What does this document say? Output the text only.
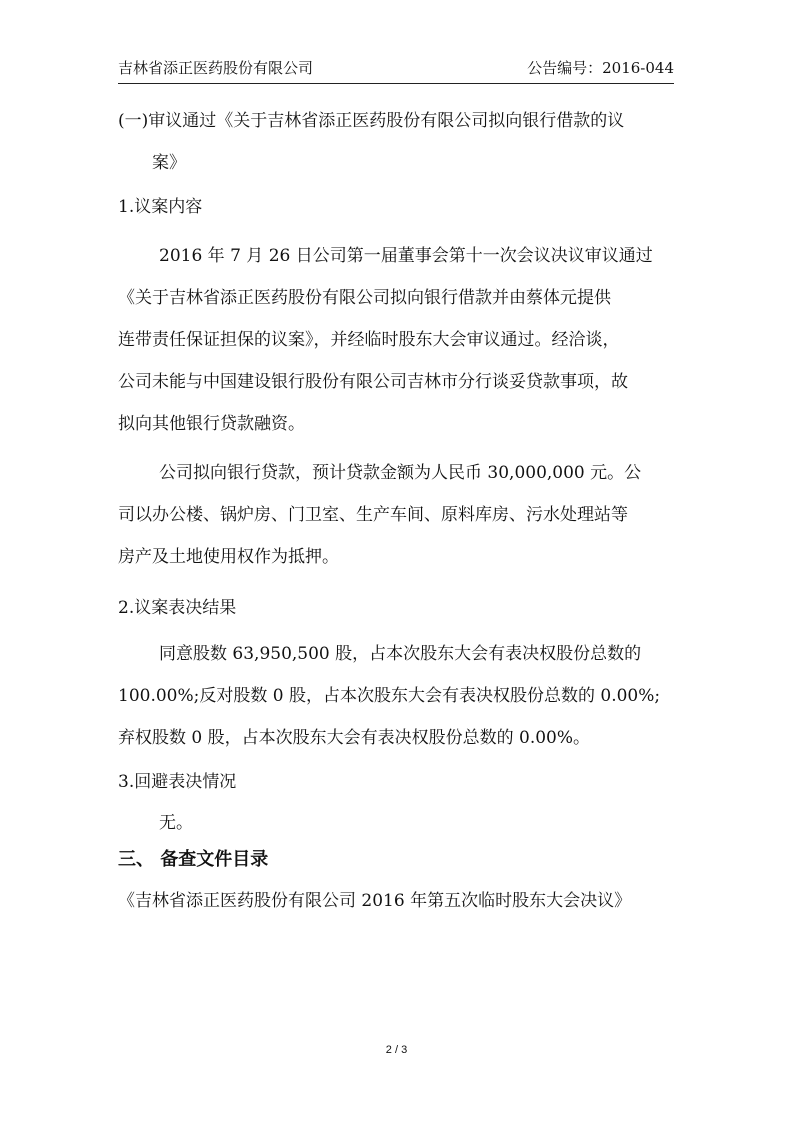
吉林省添正医药股份有限公司	公告编号：2016-044
(一)审议通过《关于吉林省添正医药股份有限公司拟向银行借款的议
案》
1.议案内容
2016 年 7 月 26 日公司第一届董事会第十一次会议决议审议通过
《关于吉林省添正医药股份有限公司拟向银行借款并由蔡体元提供
连带责任保证担保的议案》，并经临时股东大会审议通过。经洽谈，
公司未能与中国建设银行股份有限公司吉林市分行谈妥贷款事项，故
拟向其他银行贷款融资。
公司拟向银行贷款，预计贷款金额为人民币 30,000,000 元。公
司以办公楼、锅炉房、门卫室、生产车间、原料库房、污水处理站等
房产及土地使用权作为抵押。
2.议案表决结果
同意股数 63,950,500 股，占本次股东大会有表决权股份总数的
100.00%;反对股数 0 股，占本次股东大会有表决权股份总数的 0.00%;
弃权股数 0 股，占本次股东大会有表决权股份总数的 0.00%。
3.回避表决情况
无。
三、 备查文件目录
《吉林省添正医药股份有限公司 2016 年第五次临时股东大会决议》
2 / 3
